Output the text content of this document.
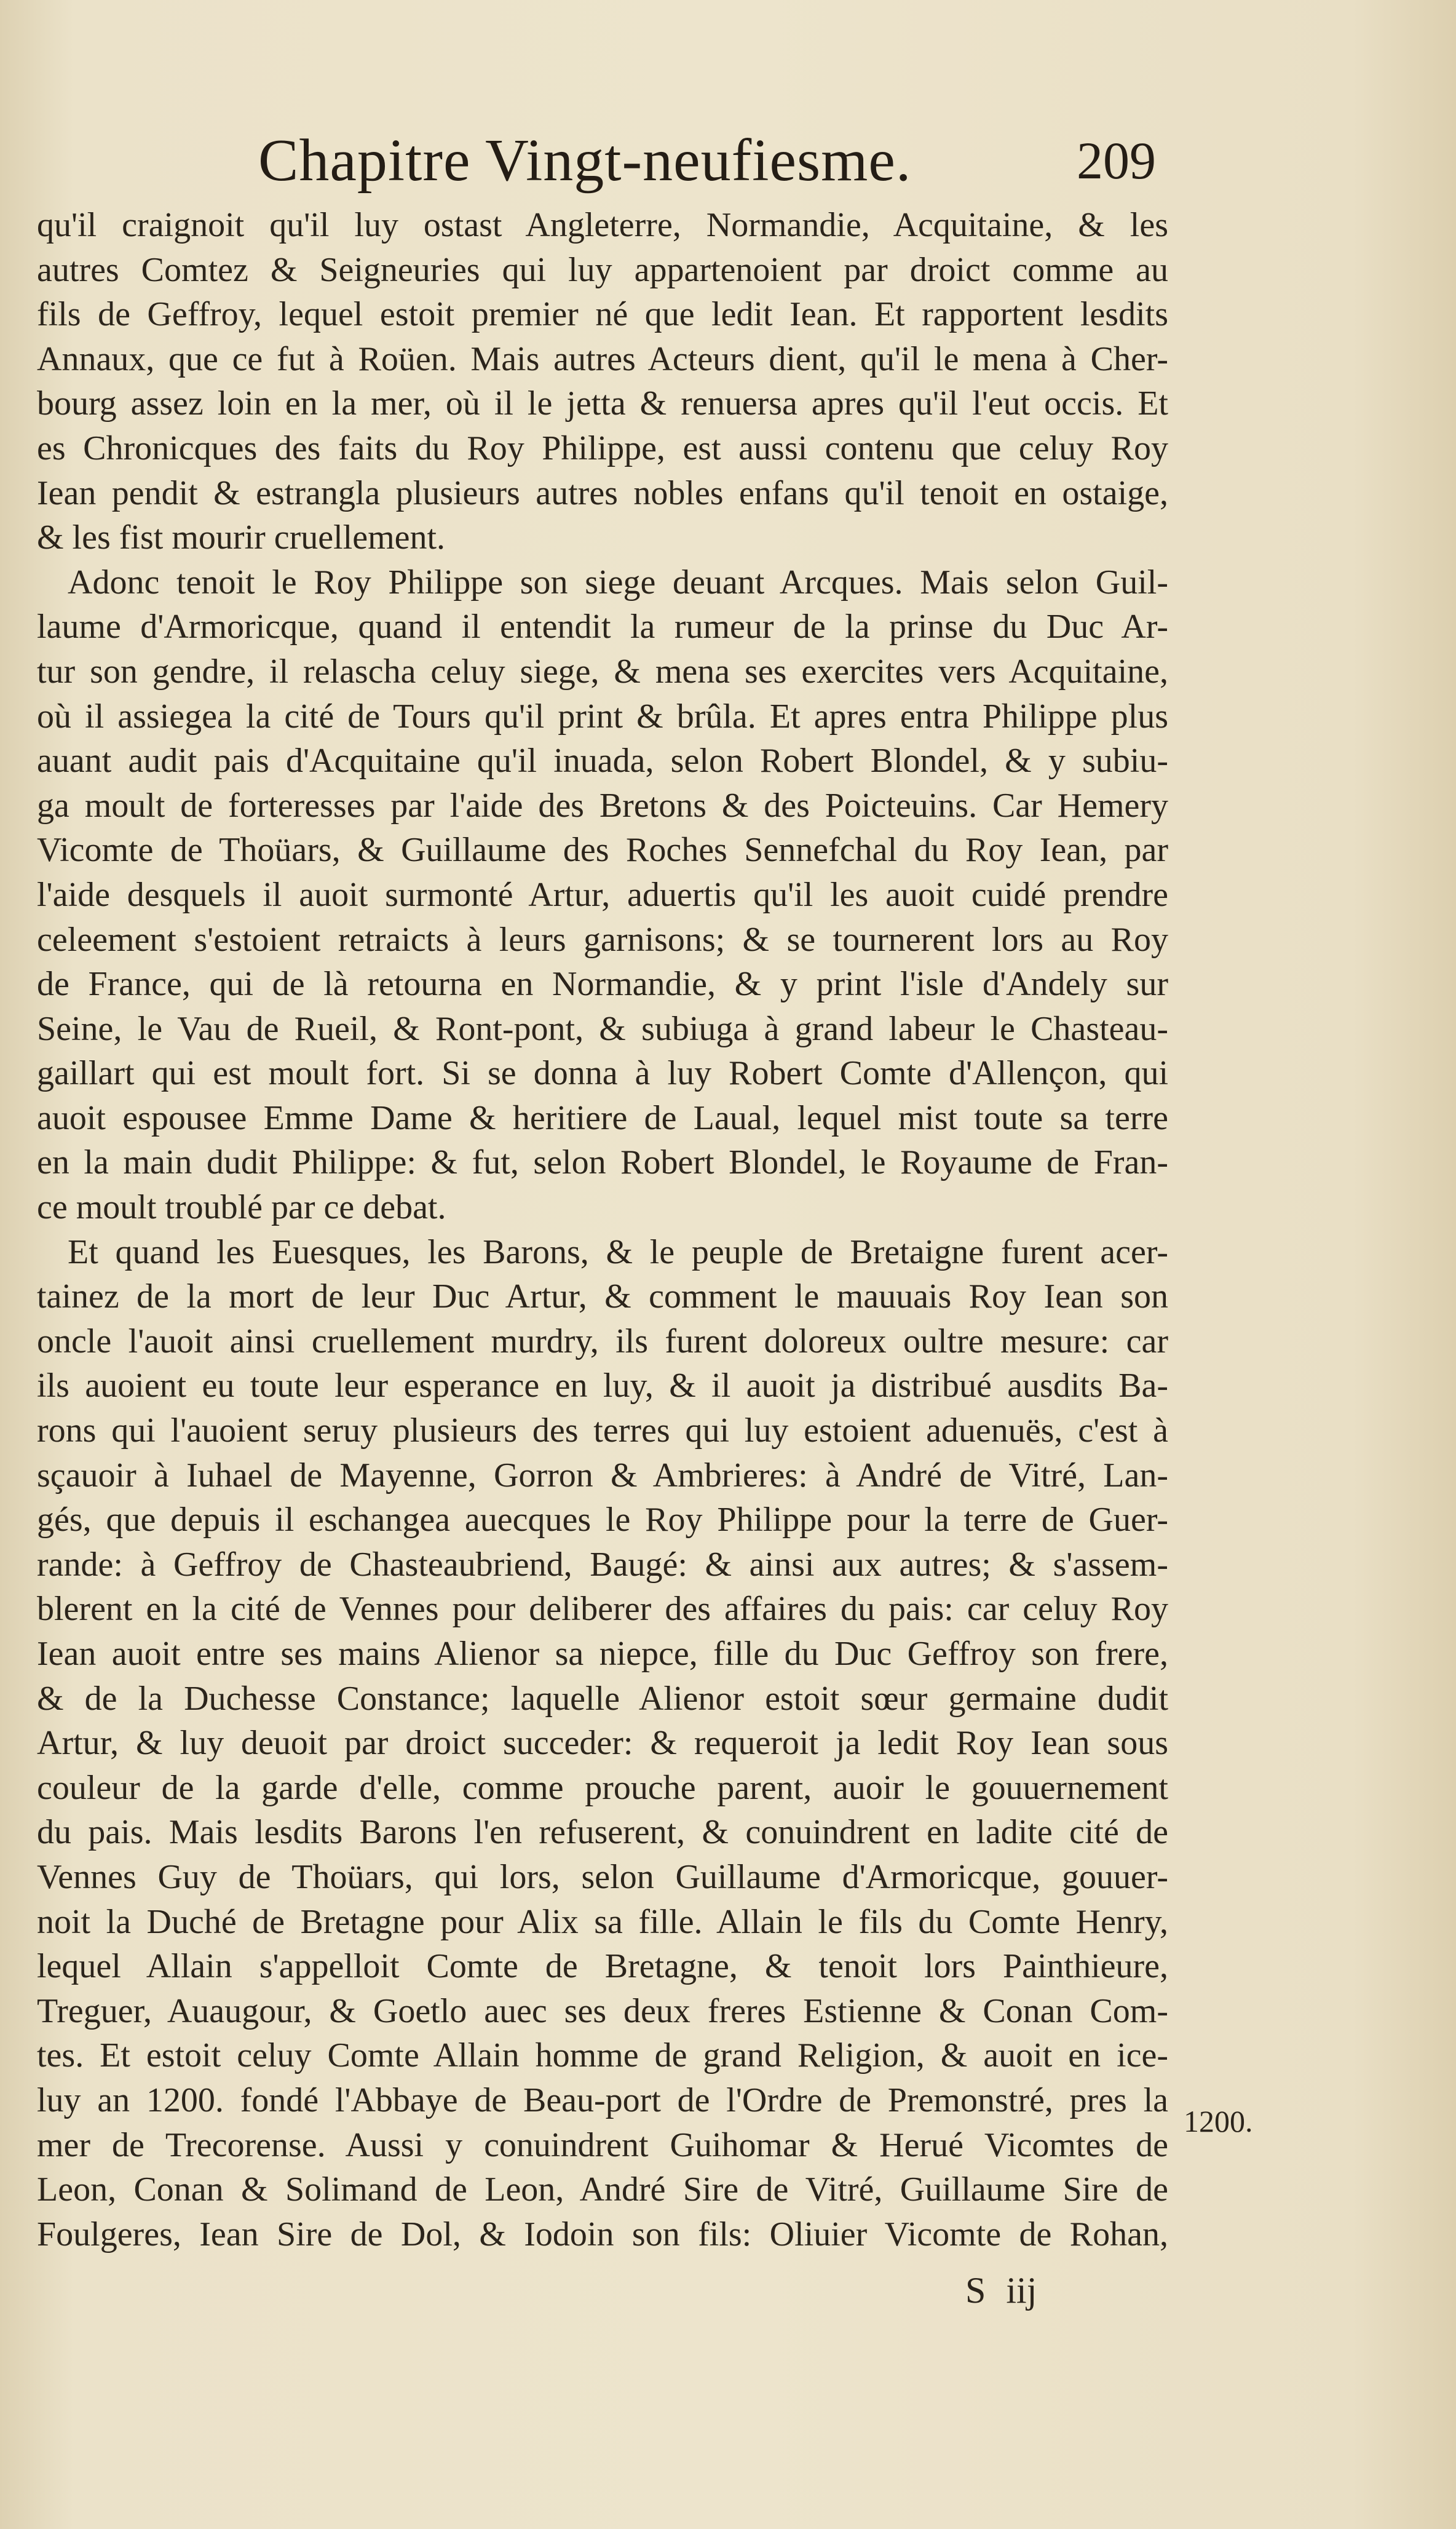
Chapitre Vingt-neufiesme.	209
qu'il craignoit qu'il luy ostast Angleterre, Normandie, Acquitaine, & les
autres Comtez & Seigneuries qui luy appartenoient par droict comme au
fils de Geffroy, lequel estoit premier né que ledit Iean. Et rapportent lesdits
Annaux, que ce fut à Roüen. Mais autres Acteurs dient, qu'il le mena à Cher-
bourg assez loin en la mer, où il le jetta & renuersa apres qu'il l'eut occis. Et
es Chronicques des faits du Roy Philippe, est aussi contenu que celuy Roy
Iean pendit & estrangla plusieurs autres nobles enfans qu'il tenoit en ostaige,
& les fist mourir cruellement.
Adonc tenoit le Roy Philippe son siege deuant Arcques. Mais selon Guil-
laume d'Armoricque, quand il entendit la rumeur de la prinse du Duc Ar-
tur son gendre, il relascha celuy siege, & mena ses exercites vers Acquitaine,
où il assiegea la cité de Tours qu'il print & brûla. Et apres entra Philippe plus
auant audit pais d'Acquitaine qu'il inuada, selon Robert Blondel, & y subiu-
ga moult de forteresses par l'aide des Bretons & des Poicteuins. Car Hemery
Vicomte de Thoüars, & Guillaume des Roches Sennefchal du Roy Iean, par
l'aide desquels il auoit surmonté Artur, aduertis qu'il les auoit cuidé prendre
celeement s'estoient retraicts à leurs garnisons; & se tournerent lors au Roy
de France, qui de là retourna en Normandie, & y print l'isle d'Andely sur
Seine, le Vau de Rueil, & Ront-pont, & subiuga à grand labeur le Chasteau-
gaillart qui est moult fort. Si se donna à luy Robert Comte d'Allençon, qui
auoit espousee Emme Dame & heritiere de Laual, lequel mist toute sa terre
en la main dudit Philippe: & fut, selon Robert Blondel, le Royaume de Fran-
ce moult troublé par ce debat.
Et quand les Euesques, les Barons, & le peuple de Bretaigne furent acer-
tainez de la mort de leur Duc Artur, & comment le mauuais Roy Iean son
oncle l'auoit ainsi cruellement murdry, ils furent doloreux oultre mesure: car
ils auoient eu toute leur esperance en luy, & il auoit ja distribué ausdits Ba-
rons qui l'auoient seruy plusieurs des terres qui luy estoient aduenuës, c'est à
sçauoir à Iuhael de Mayenne, Gorron & Ambrieres: à André de Vitré, Lan-
gés, que depuis il eschangea auecques le Roy Philippe pour la terre de Guer-
rande: à Geffroy de Chasteaubriend, Baugé: & ainsi aux autres; & s'assem-
blerent en la cité de Vennes pour deliberer des affaires du pais: car celuy Roy
Iean auoit entre ses mains Alienor sa niepce, fille du Duc Geffroy son frere,
& de la Duchesse Constance; laquelle Alienor estoit sœur germaine dudit
Artur, & luy deuoit par droict succeder: & requeroit ja ledit Roy Iean sous
couleur de la garde d'elle, comme prouche parent, auoir le gouuernement
du pais. Mais lesdits Barons l'en refuserent, & conuindrent en ladite cité de
Vennes Guy de Thoüars, qui lors, selon Guillaume d'Armoricque, gouuer-
noit la Duché de Bretagne pour Alix sa fille. Allain le fils du Comte Henry,
lequel Allain s'appelloit Comte de Bretagne, & tenoit lors Painthieure,
Treguer, Auaugour, & Goetlo auec ses deux freres Estienne & Conan Com-
tes. Et estoit celuy Comte Allain homme de grand Religion, & auoit en ice-
luy an 1200. fondé l'Abbaye de Beau-port de l'Ordre de Premonstré, pres la
mer de Trecorense. Aussi y conuindrent Guihomar & Herué Vicomtes de
Leon, Conan & Solimand de Leon, André Sire de Vitré, Guillaume Sire de
Foulgeres, Iean Sire de Dol, & Iodoin son fils: Oliuier Vicomte de Rohan,
1200.
S iij
